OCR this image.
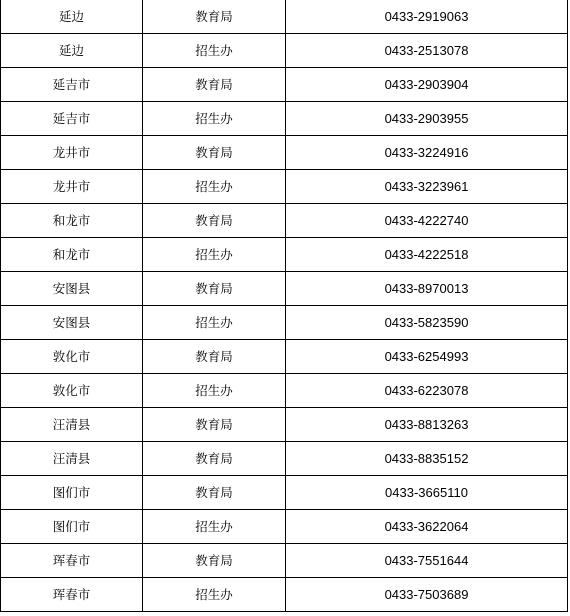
延边	教育局	0433-2919063
延边	招生办	0433-2513078
延吉市	教育局	0433-2903904
延吉市	招生办	0433-2903955
龙井市	教育局	0433-3224916
龙井市	招生办	0433-3223961
和龙市	教育局	0433-4222740
和龙市	招生办	0433-4222518
安图县	教育局	0433-8970013
安图县	招生办	0433-5823590
敦化市	教育局	0433-6254993
敦化市	招生办	0433-6223078
汪清县	教育局	0433-8813263
汪清县	教育局	0433-8835152
图们市	教育局	0433-3665110
图们市	招生办	0433-3622064
珲春市	教育局	0433-7551644
珲春市	招生办	0433-7503689
